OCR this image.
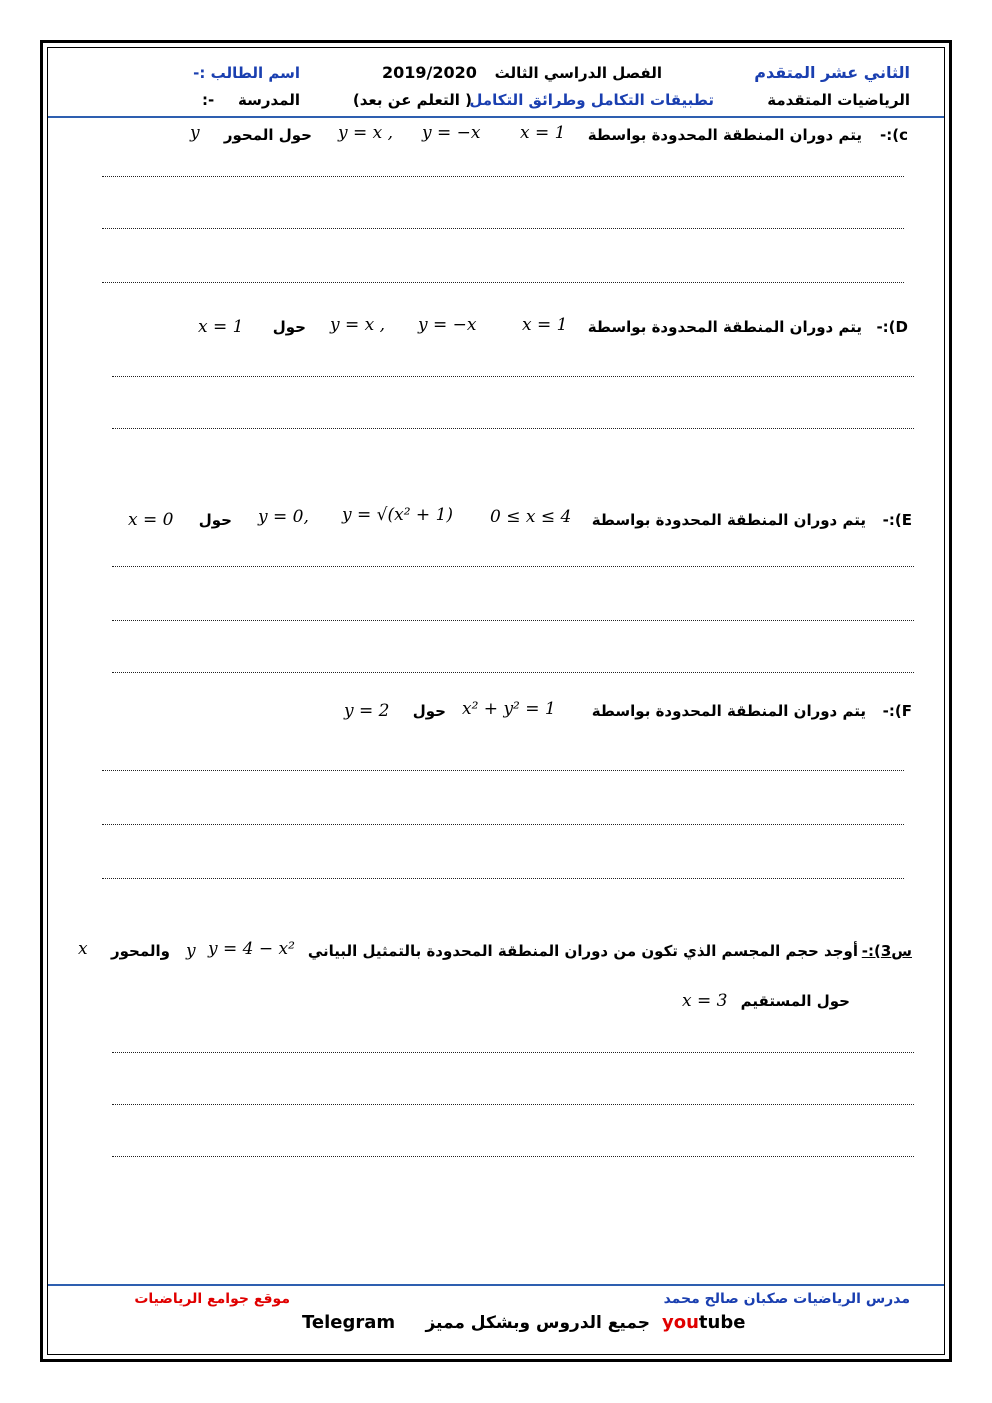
الثاني عشر المتقدم
الفصل الدراسي الثالث
2019/2020
اسم الطالب :-
الرياضيات المتقدمة
تطبيقات التكامل وطرائق التكامل
( التعلم عن بعد)
المدرسة
:-
c):-
يتم دوران المنطقة المحدودة بواسطة
x = 1
y = −x
y = x ,
حول المحور
y
D):-
يتم دوران المنطقة المحدودة بواسطة
x = 1
y = −x
y = x ,
حول
x = 1
E):-
يتم دوران المنطقة المحدودة بواسطة
0 ≤ x ≤ 4
y = √(x² + 1)
y = 0,
حول
x = 0
F):-
يتم دوران المنطقة المحدودة بواسطة
x² + y² = 1
حول
y = 2
س3):-
أوجد حجم المجسم الذي تكون من دوران المنطقة المحدودة بالتمثيل البياني
y = 4 − x²
y
والمحور
x
حول المستقيم
x = 3
مدرس الرياضيات صكبان صالح محمد
موقع جوامع الرياضيات
youtube
جميع الدروس وبشكل مميز
Telegram
